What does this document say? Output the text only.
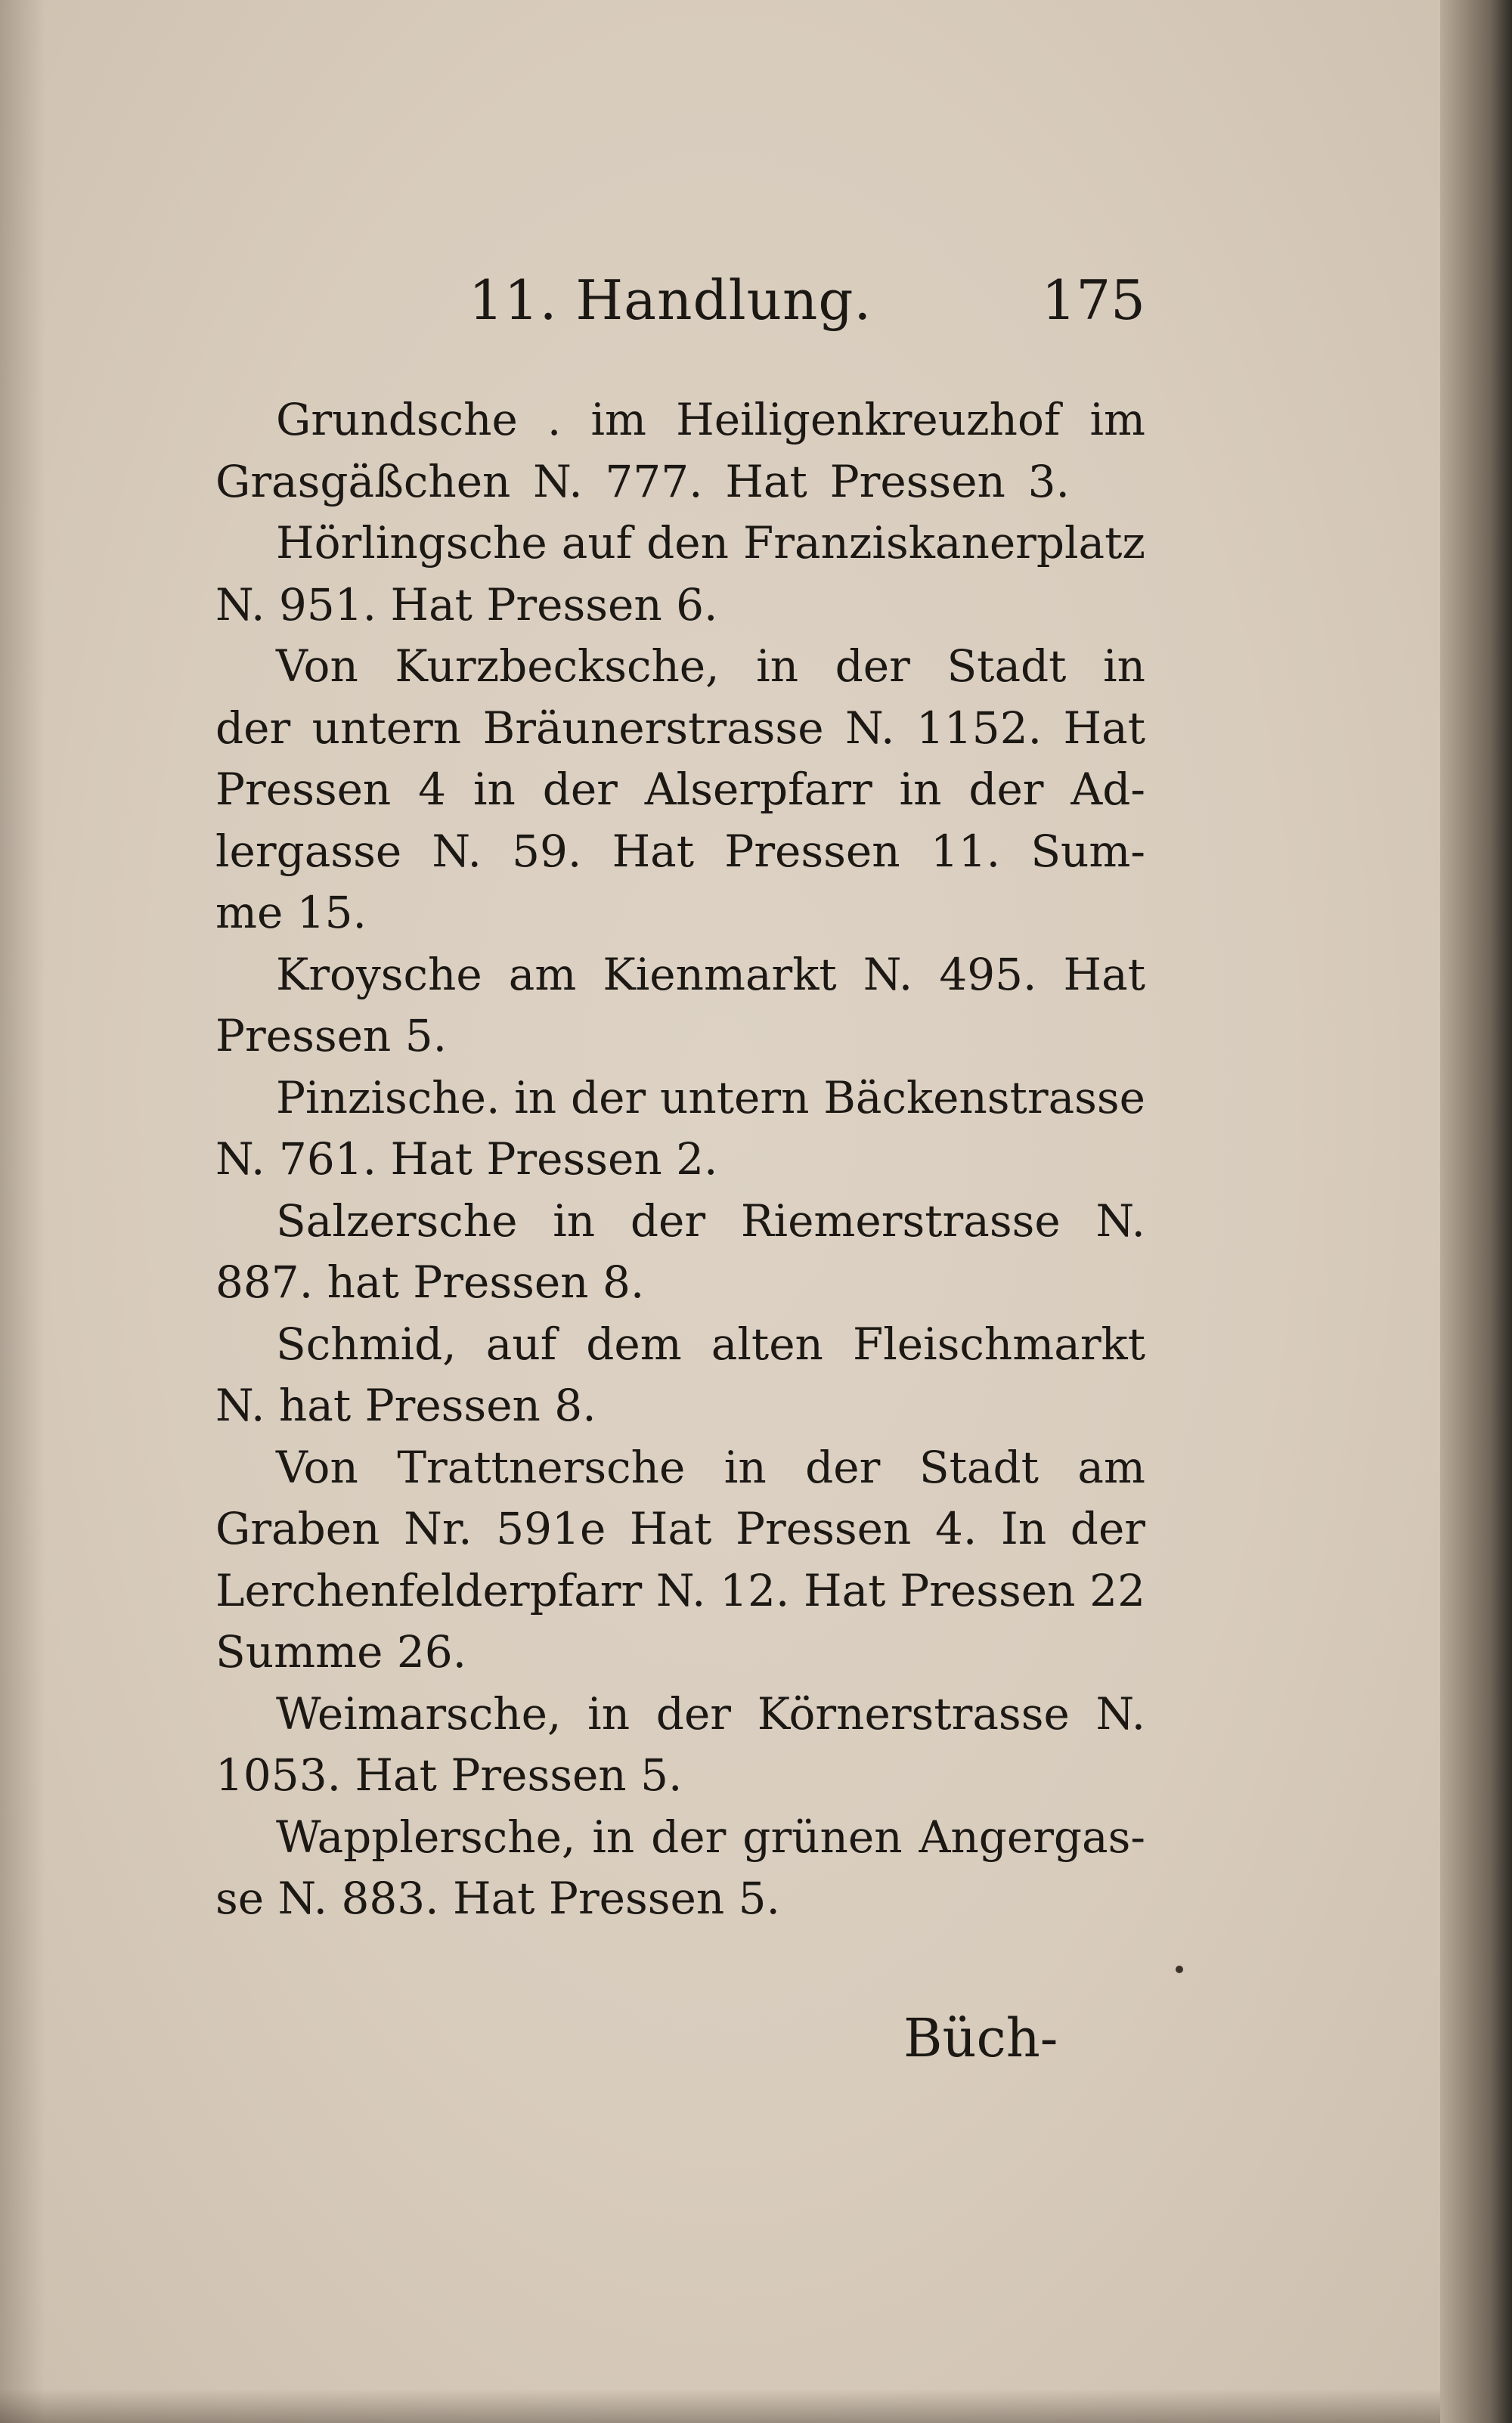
11. Handlung.	175
Grundsche . im Heiligenkreuzhof im
Grasgäßchen N. 777. Hat Pressen 3.
Hörlingsche auf den Franziskanerplatz
N. 951. Hat Pressen 6.
Von Kurzbecksche, in der Stadt in
der untern Bräunerstrasse N. 1152. Hat
Pressen 4 in der Alserpfarr in der Ad-
lergasse N. 59. Hat Pressen 11. Sum-
me 15.
Kroysche am Kienmarkt N. 495. Hat
Pressen 5.
Pinzische. in der untern Bäckenstrasse
N. 761. Hat Pressen 2.
Salzersche in der Riemerstrasse N.
887. hat Pressen 8.
Schmid, auf dem alten Fleischmarkt
N. hat Pressen 8.
Von Trattnersche in der Stadt am
Graben Nr. 591e Hat Pressen 4. In der
Lerchenfelderpfarr N. 12. Hat Pressen 22
Summe 26.
Weimarsche, in der Körnerstrasse N.
1053. Hat Pressen 5.
Wapplersche, in der grünen Angergas-
se N. 883. Hat Pressen 5.
Büch-
